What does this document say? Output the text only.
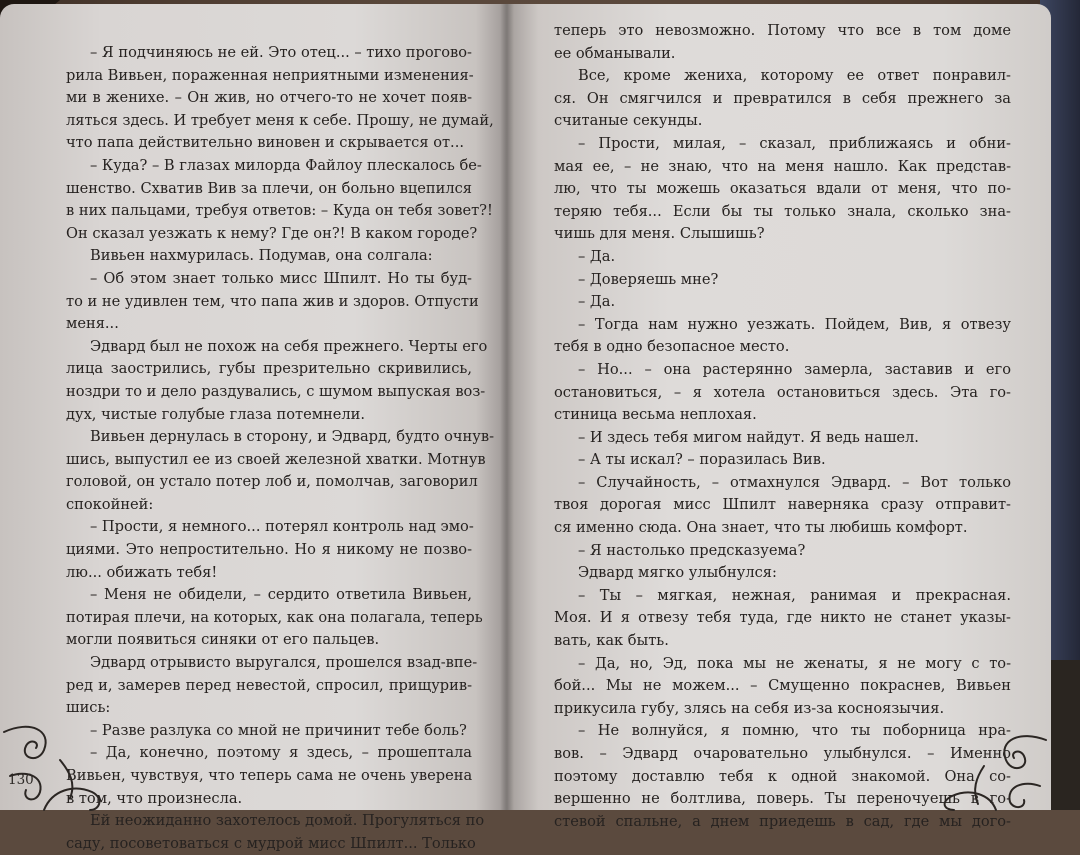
– Я подчиняюсь не ей. Это отец... – тихо прогово-
рила Вивьен, пораженная неприятными изменения-
ми в женихе. – Он жив, но отчего-то не хочет появ-
ляться здесь. И требует меня к себе. Прошу, не думай,
что папа действительно виновен и скрывается от...
– Куда? – В глазах милорда Файлоу плескалось бе-
шенство. Схватив Вив за плечи, он больно вцепился
в них пальцами, требуя ответов: – Куда он тебя зовет?!
Он сказал уезжать к нему? Где он?! В каком городе?
Вивьен нахмурилась. Подумав, она солгала:
– Об этом знает только мисс Шпилт. Но ты буд-
то и не удивлен тем, что папа жив и здоров. Отпусти
меня...
Эдвард был не похож на себя прежнего. Черты его
лица заострились, губы презрительно скривились,
ноздри то и дело раздувались, с шумом выпуская воз-
дух, чистые голубые глаза потемнели.
Вивьен дернулась в сторону, и Эдвард, будто очнув-
шись, выпустил ее из своей железной хватки. Мотнув
головой, он устало потер лоб и, помолчав, заговорил
спокойней:
– Прости, я немного... потерял контроль над эмо-
циями. Это непростительно. Но я никому не позво-
лю... обижать тебя!
– Меня не обидели, – сердито ответила Вивьен,
потирая плечи, на которых, как она полагала, теперь
могли появиться синяки от его пальцев.
Эдвард отрывисто выругался, прошелся взад-впе-
ред и, замерев перед невестой, спросил, прищурив-
шись:
– Разве разлука со мной не причинит тебе боль?
– Да, конечно, поэтому я здесь, – прошептала
Вивьен, чувствуя, что теперь сама не очень уверена
в том, что произнесла.
Ей неожиданно захотелось домой. Прогуляться по
саду, посоветоваться с мудрой мисс Шпилт... Только
теперь это невозможно. Потому что все в том доме
ее обманывали.
Все, кроме жениха, которому ее ответ понравил-
ся. Он смягчился и превратился в себя прежнего за
считаные секунды.
– Прости, милая, – сказал, приближаясь и обни-
мая ее, – не знаю, что на меня нашло. Как представ-
лю, что ты можешь оказаться вдали от меня, что по-
теряю тебя... Если бы ты только знала, сколько зна-
чишь для меня. Слышишь?
– Да.
– Доверяешь мне?
– Да.
– Тогда нам нужно уезжать. Пойдем, Вив, я отвезу
тебя в одно безопасное место.
– Но... – она растерянно замерла, заставив и его
остановиться, – я хотела остановиться здесь. Эта го-
стиница весьма неплохая.
– И здесь тебя мигом найдут. Я ведь нашел.
– А ты искал? – поразилась Вив.
– Случайность, – отмахнулся Эдвард. – Вот только
твоя дорогая мисс Шпилт наверняка сразу отправит-
ся именно сюда. Она знает, что ты любишь комфорт.
– Я настолько предсказуема?
Эдвард мягко улыбнулся:
– Ты – мягкая, нежная, ранимая и прекрасная.
Моя. И я отвезу тебя туда, где никто не станет указы-
вать, как быть.
– Да, но, Эд, пока мы не женаты, я не могу с то-
бой... Мы не можем... – Смущенно покраснев, Вивьен
прикусила губу, злясь на себя из-за косноязычия.
– Не волнуйся, я помню, что ты поборница нра-
вов. – Эдвард очаровательно улыбнулся. – Именно
поэтому доставлю тебя к одной знакомой. Она со-
вершенно не болтлива, поверь. Ты переночуешь в го-
стевой спальне, а днем приедешь в сад, где мы дого-
130
